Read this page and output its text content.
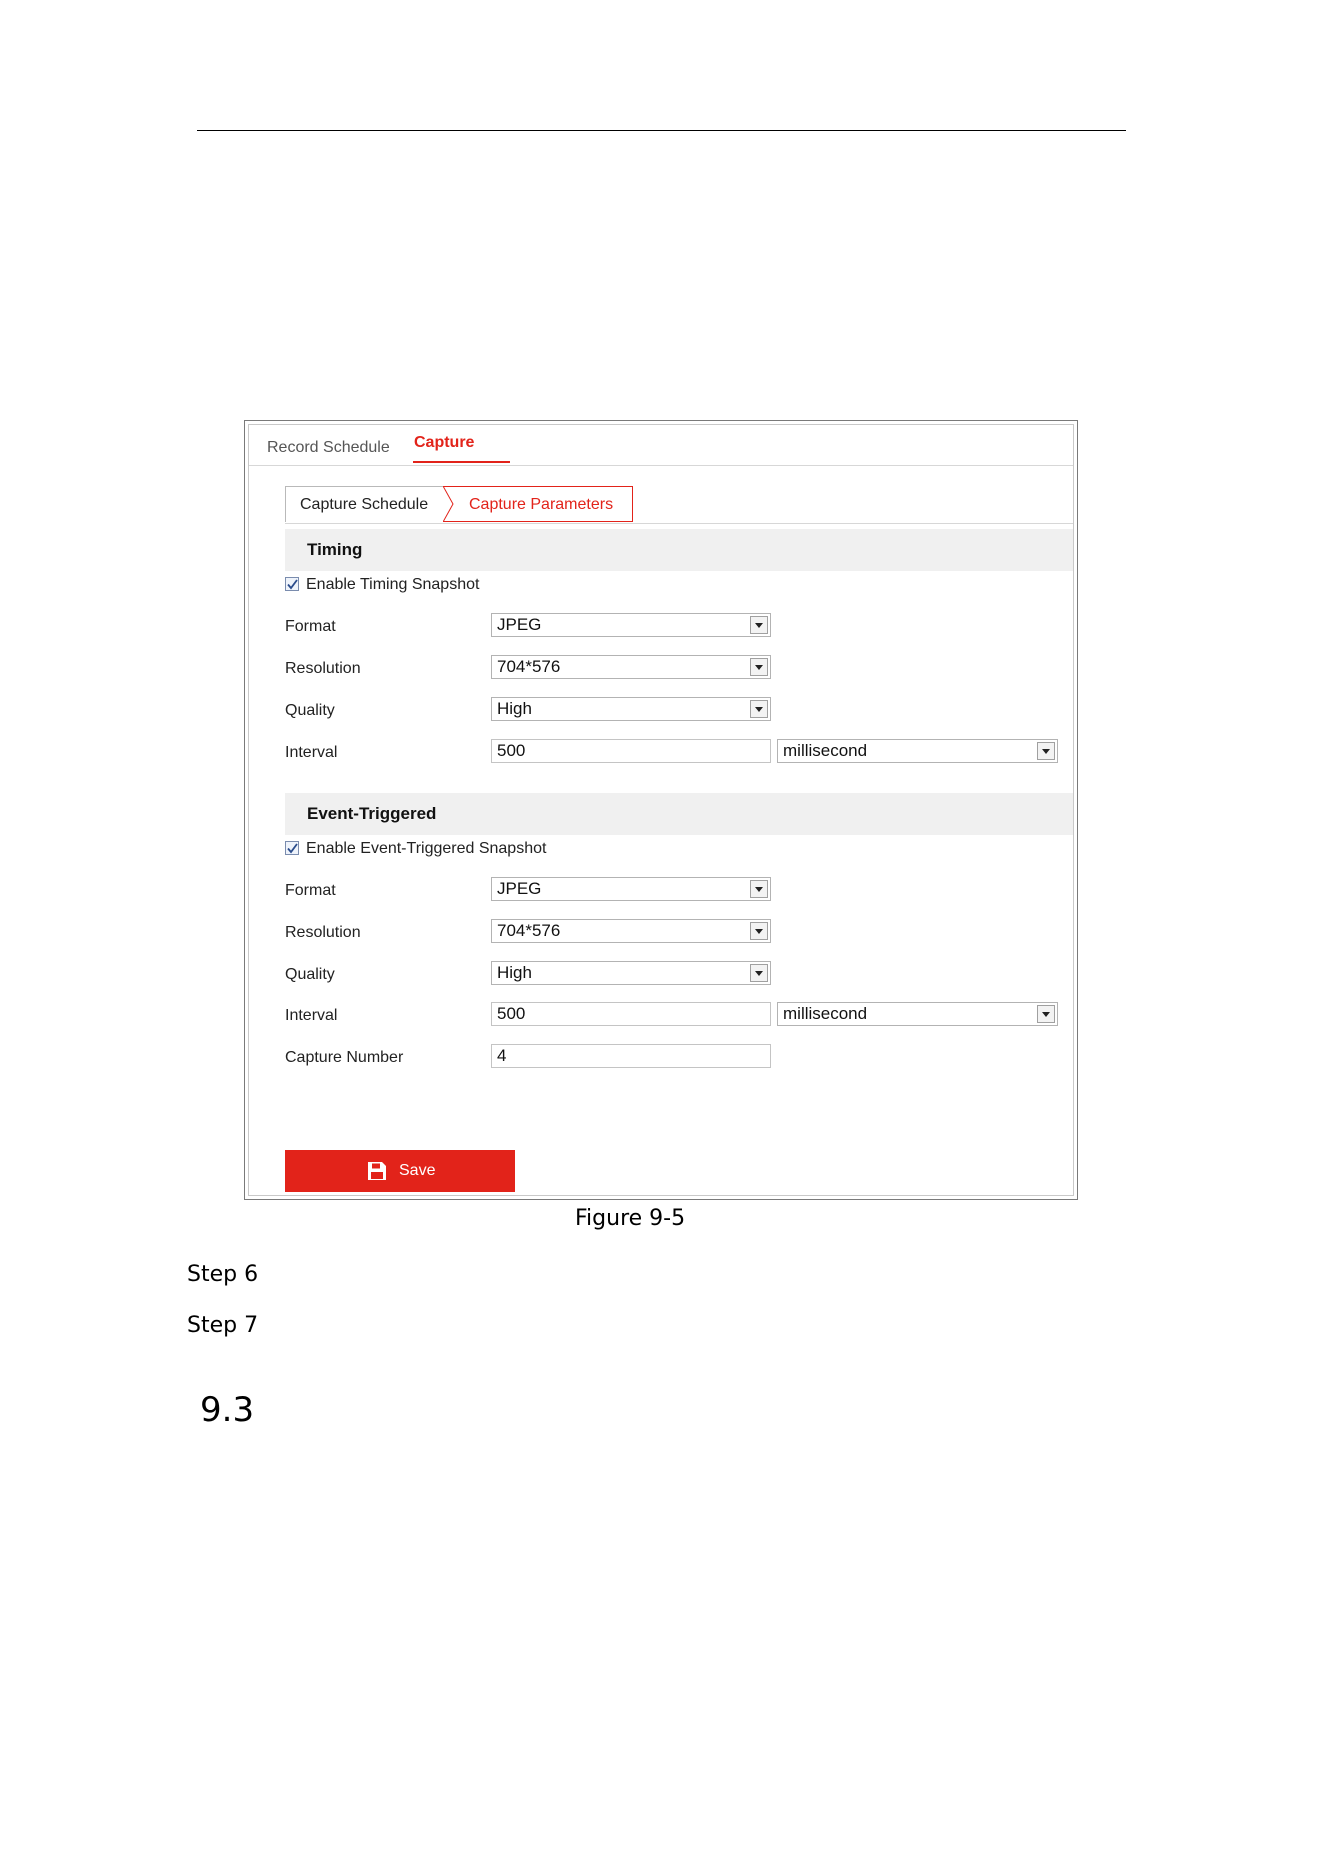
Record Schedule Capture
Capture Schedule	Capture Parameters
Timing
Enable Timing Snapshot
Format	JPEG
Resolution	704*576
Quality	High
Interval	500	millisecond
Event-Triggered
Enable Event-Triggered Snapshot
Format	JPEG
Resolution	704*576
Quality	High
Interval	500	millisecond
Capture Number	4
Save
Figure 9-5
Step 6
Step 7
9.3
